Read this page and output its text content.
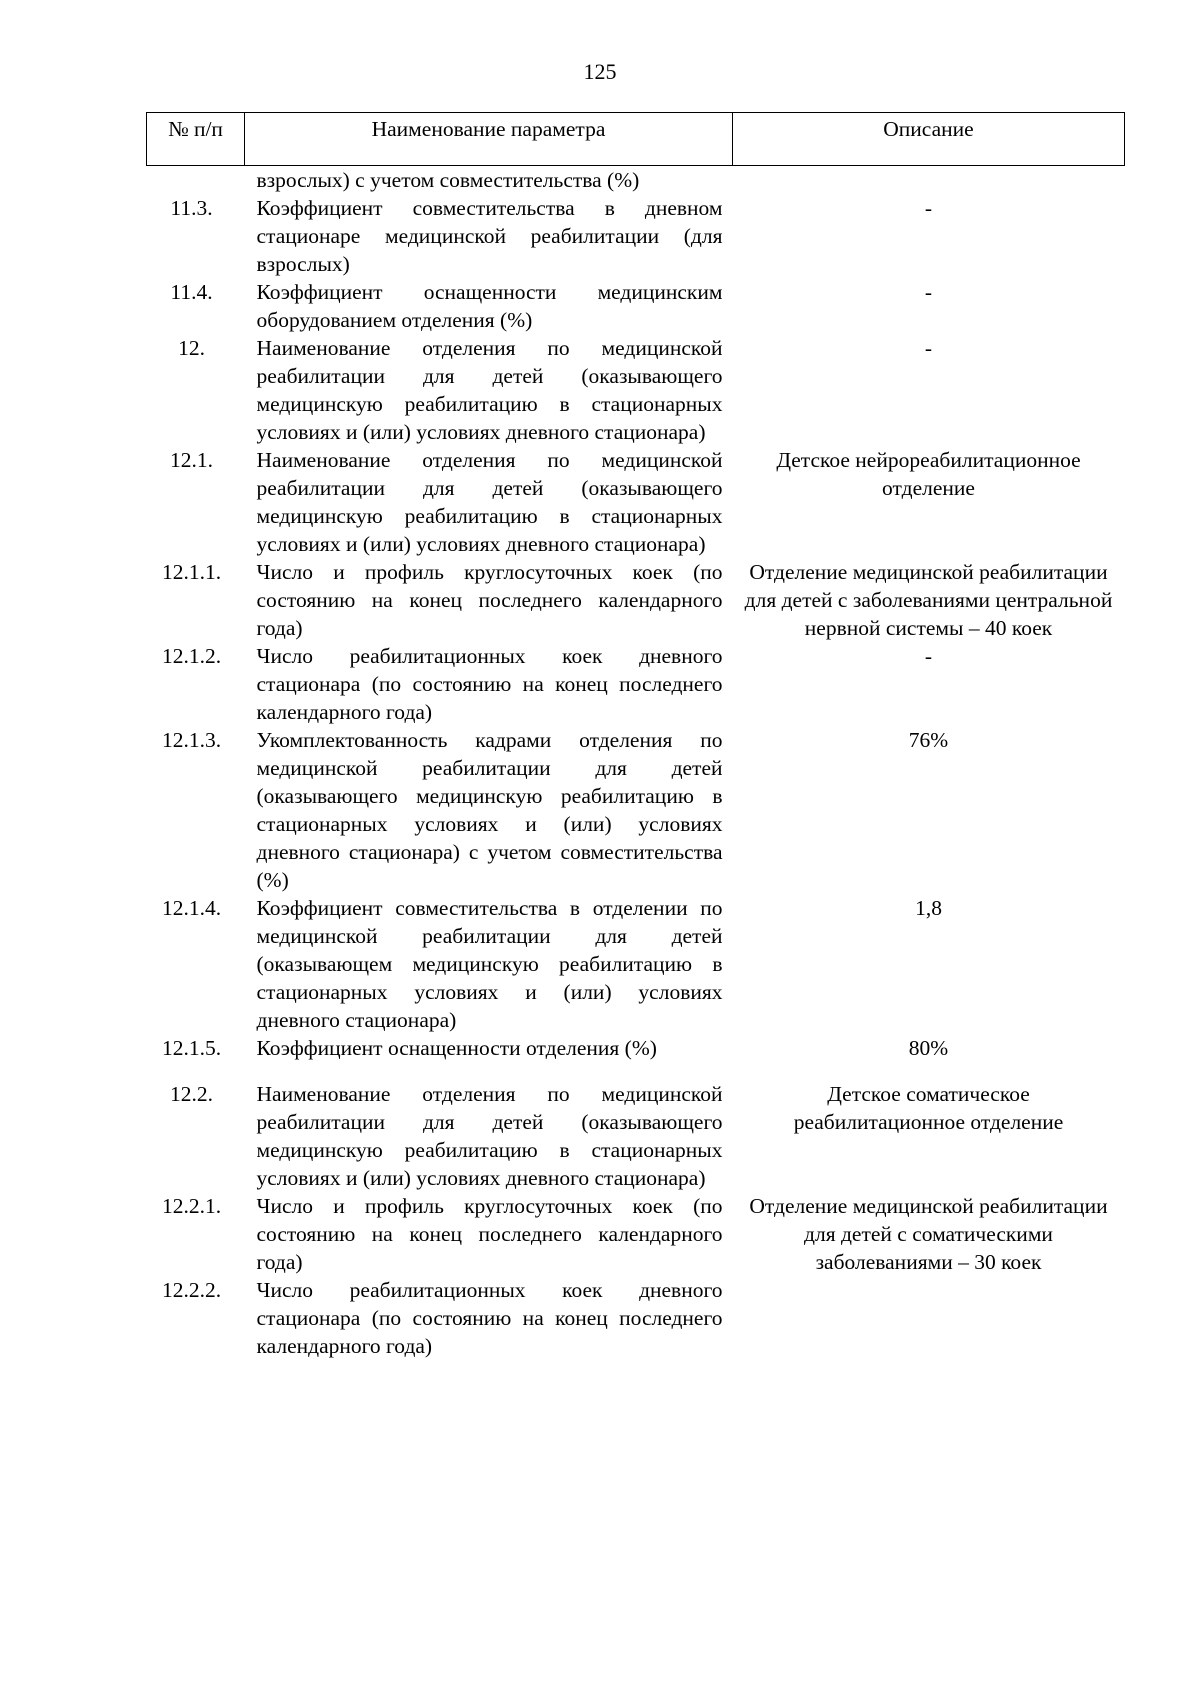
125
№ п/п	Наименование параметра	Описание
	взрослых) с учетом совместительства (%)	
11.3.	Коэффициент совместительства в дневном стационаре медицинской реабилитации (для взрослых)	-
11.4.	Коэффициент оснащенности медицинским оборудованием отделения (%)	-
12.	Наименование отделения по медицинской реабилитации для детей (оказывающего медицинскую реабилитацию в стационарных условиях и (или) условиях дневного стационара)	-
12.1.	Наименование отделения по медицинской реабилитации для детей (оказывающего медицинскую реабилитацию в стационарных условиях и (или) условиях дневного стационара)	Детское нейрореабилитационное отделение
12.1.1.	Число и профиль круглосуточных коек (по состоянию на конец последнего календарного года)	Отделение медицинской реабилитации для детей с заболеваниями центральной нервной системы – 40 коек
12.1.2.	Число реабилитационных коек дневного стационара (по состоянию на конец последнего календарного года)	-
12.1.3.	Укомплектованность кадрами отделения по медицинской реабилитации для детей (оказывающего медицинскую реабилитацию в стационарных условиях и (или) условиях дневного стационара) с учетом совместительства (%)	76%
12.1.4.	Коэффициент совместительства в отделении по медицинской реабилитации для детей (оказывающем медицинскую реабилитацию в стационарных условиях и (или) условиях дневного стационара)	1,8
12.1.5.	Коэффициент оснащенности отделения (%)	80%
12.2.	Наименование отделения по медицинской реабилитации для детей (оказывающего медицинскую реабилитацию в стационарных условиях и (или) условиях дневного стационара)	Детское соматическое реабилитационное отделение
12.2.1.	Число и профиль круглосуточных коек (по состоянию на конец последнего календарного года)	Отделение медицинской реабилитации для детей с соматическими заболеваниями – 30 коек
12.2.2.	Число реабилитационных коек дневного стационара (по состоянию на конец последнего календарного года)	
